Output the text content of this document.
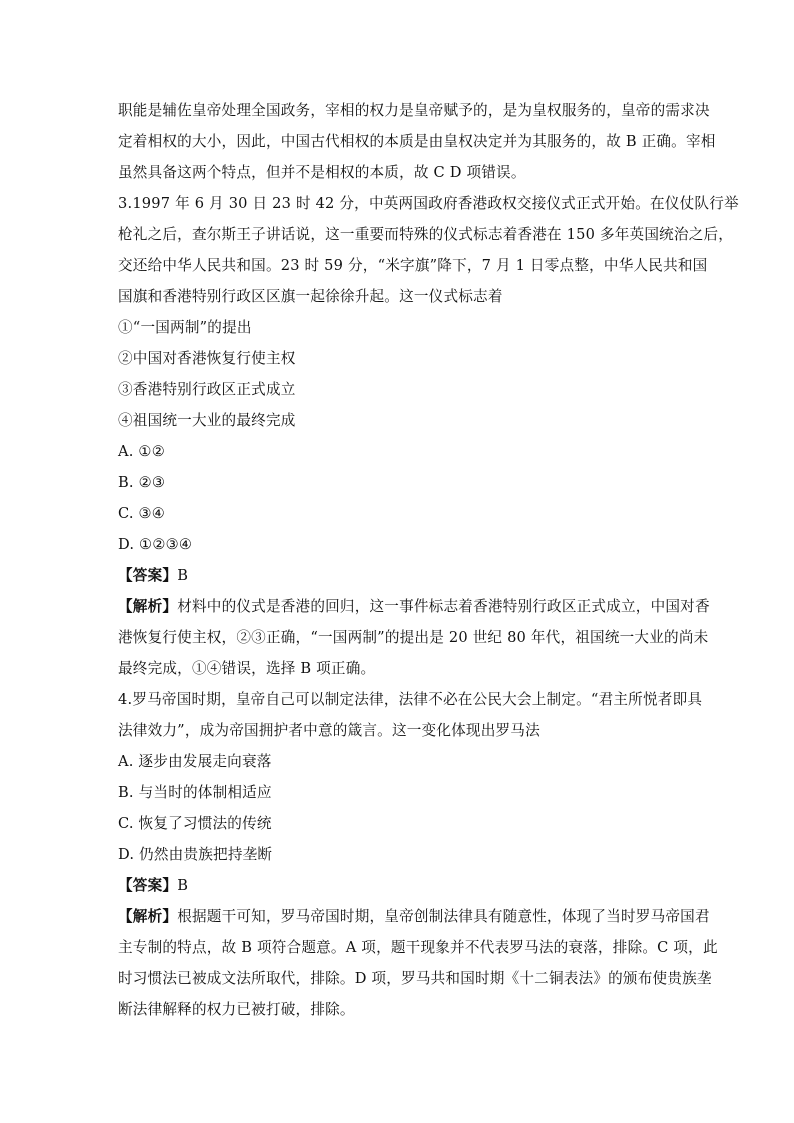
职能是辅佐皇帝处理全国政务，宰相的权力是皇帝赋予的，是为皇权服务的，皇帝的需求决
定着相权的大小，因此，中国古代相权的本质是由皇权决定并为其服务的，故 B 正确。宰相
虽然具备这两个特点，但并不是相权的本质，故 C D 项错误。
3.1997 年 6 月 30 日 23 时 42 分，中英两国政府香港政权交接仪式正式开始。在仪仗队行举
枪礼之后，查尔斯王子讲话说，这一重要而特殊的仪式标志着香港在 150 多年英国统治之后，
交还给中华人民共和国。23 时 59 分，“米字旗”降下，7 月 1 日零点整，中华人民共和国
国旗和香港特别行政区区旗一起徐徐升起。这一仪式标志着
①“一国两制”的提出
②中国对香港恢复行使主权
③香港特别行政区正式成立
④祖国统一大业的最终完成
A. ①②
B. ②③
C. ③④
D. ①②③④
【答案】B
【解析】材料中的仪式是香港的回归，这一事件标志着香港特别行政区正式成立，中国对香
港恢复行使主权，②③正确，“一国两制”的提出是 20 世纪 80 年代，祖国统一大业的尚未
最终完成，①④错误，选择 B 项正确。
4.罗马帝国时期，皇帝自己可以制定法律，法律不必在公民大会上制定。“君主所悦者即具
法律效力”，成为帝国拥护者中意的箴言。这一变化体现出罗马法
A. 逐步由发展走向衰落
B. 与当时的体制相适应
C. 恢复了习惯法的传统
D. 仍然由贵族把持垄断
【答案】B
【解析】根据题干可知，罗马帝国时期，皇帝创制法律具有随意性，体现了当时罗马帝国君
主专制的特点，故 B 项符合题意。A 项，题干现象并不代表罗马法的衰落，排除。C 项，此
时习惯法已被成文法所取代，排除。D 项，罗马共和国时期《十二铜表法》的颁布使贵族垄
断法律解释的权力已被打破，排除。
